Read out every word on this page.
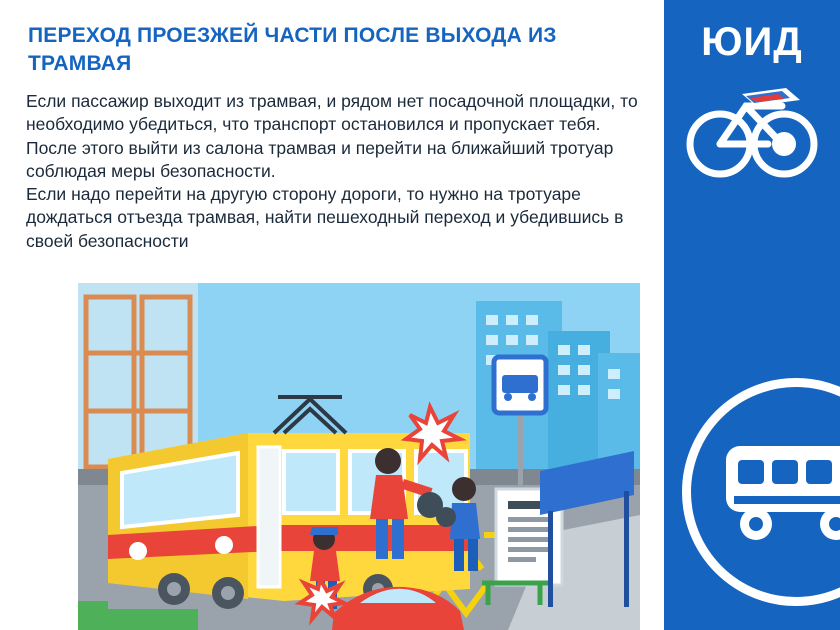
ПЕРЕХОД ПРОЕЗЖЕЙ ЧАСТИ ПОСЛЕ ВЫХОДА ИЗ ТРАМВАЯ

Если пассажир выходит из трамвая, и рядом нет посадочной площадки, то необходимо убедиться, что транспорт остановился и пропускает тебя. После этого выйти из салона трамвая и перейти на ближайший тротуар соблюдая меры безопасности.

Если надо перейти на другую сторону дороги, то нужно на тротуаре дождаться отъезда трамвая, найти пешеходный переход и убедившись в своей безопасности

ЮИД
